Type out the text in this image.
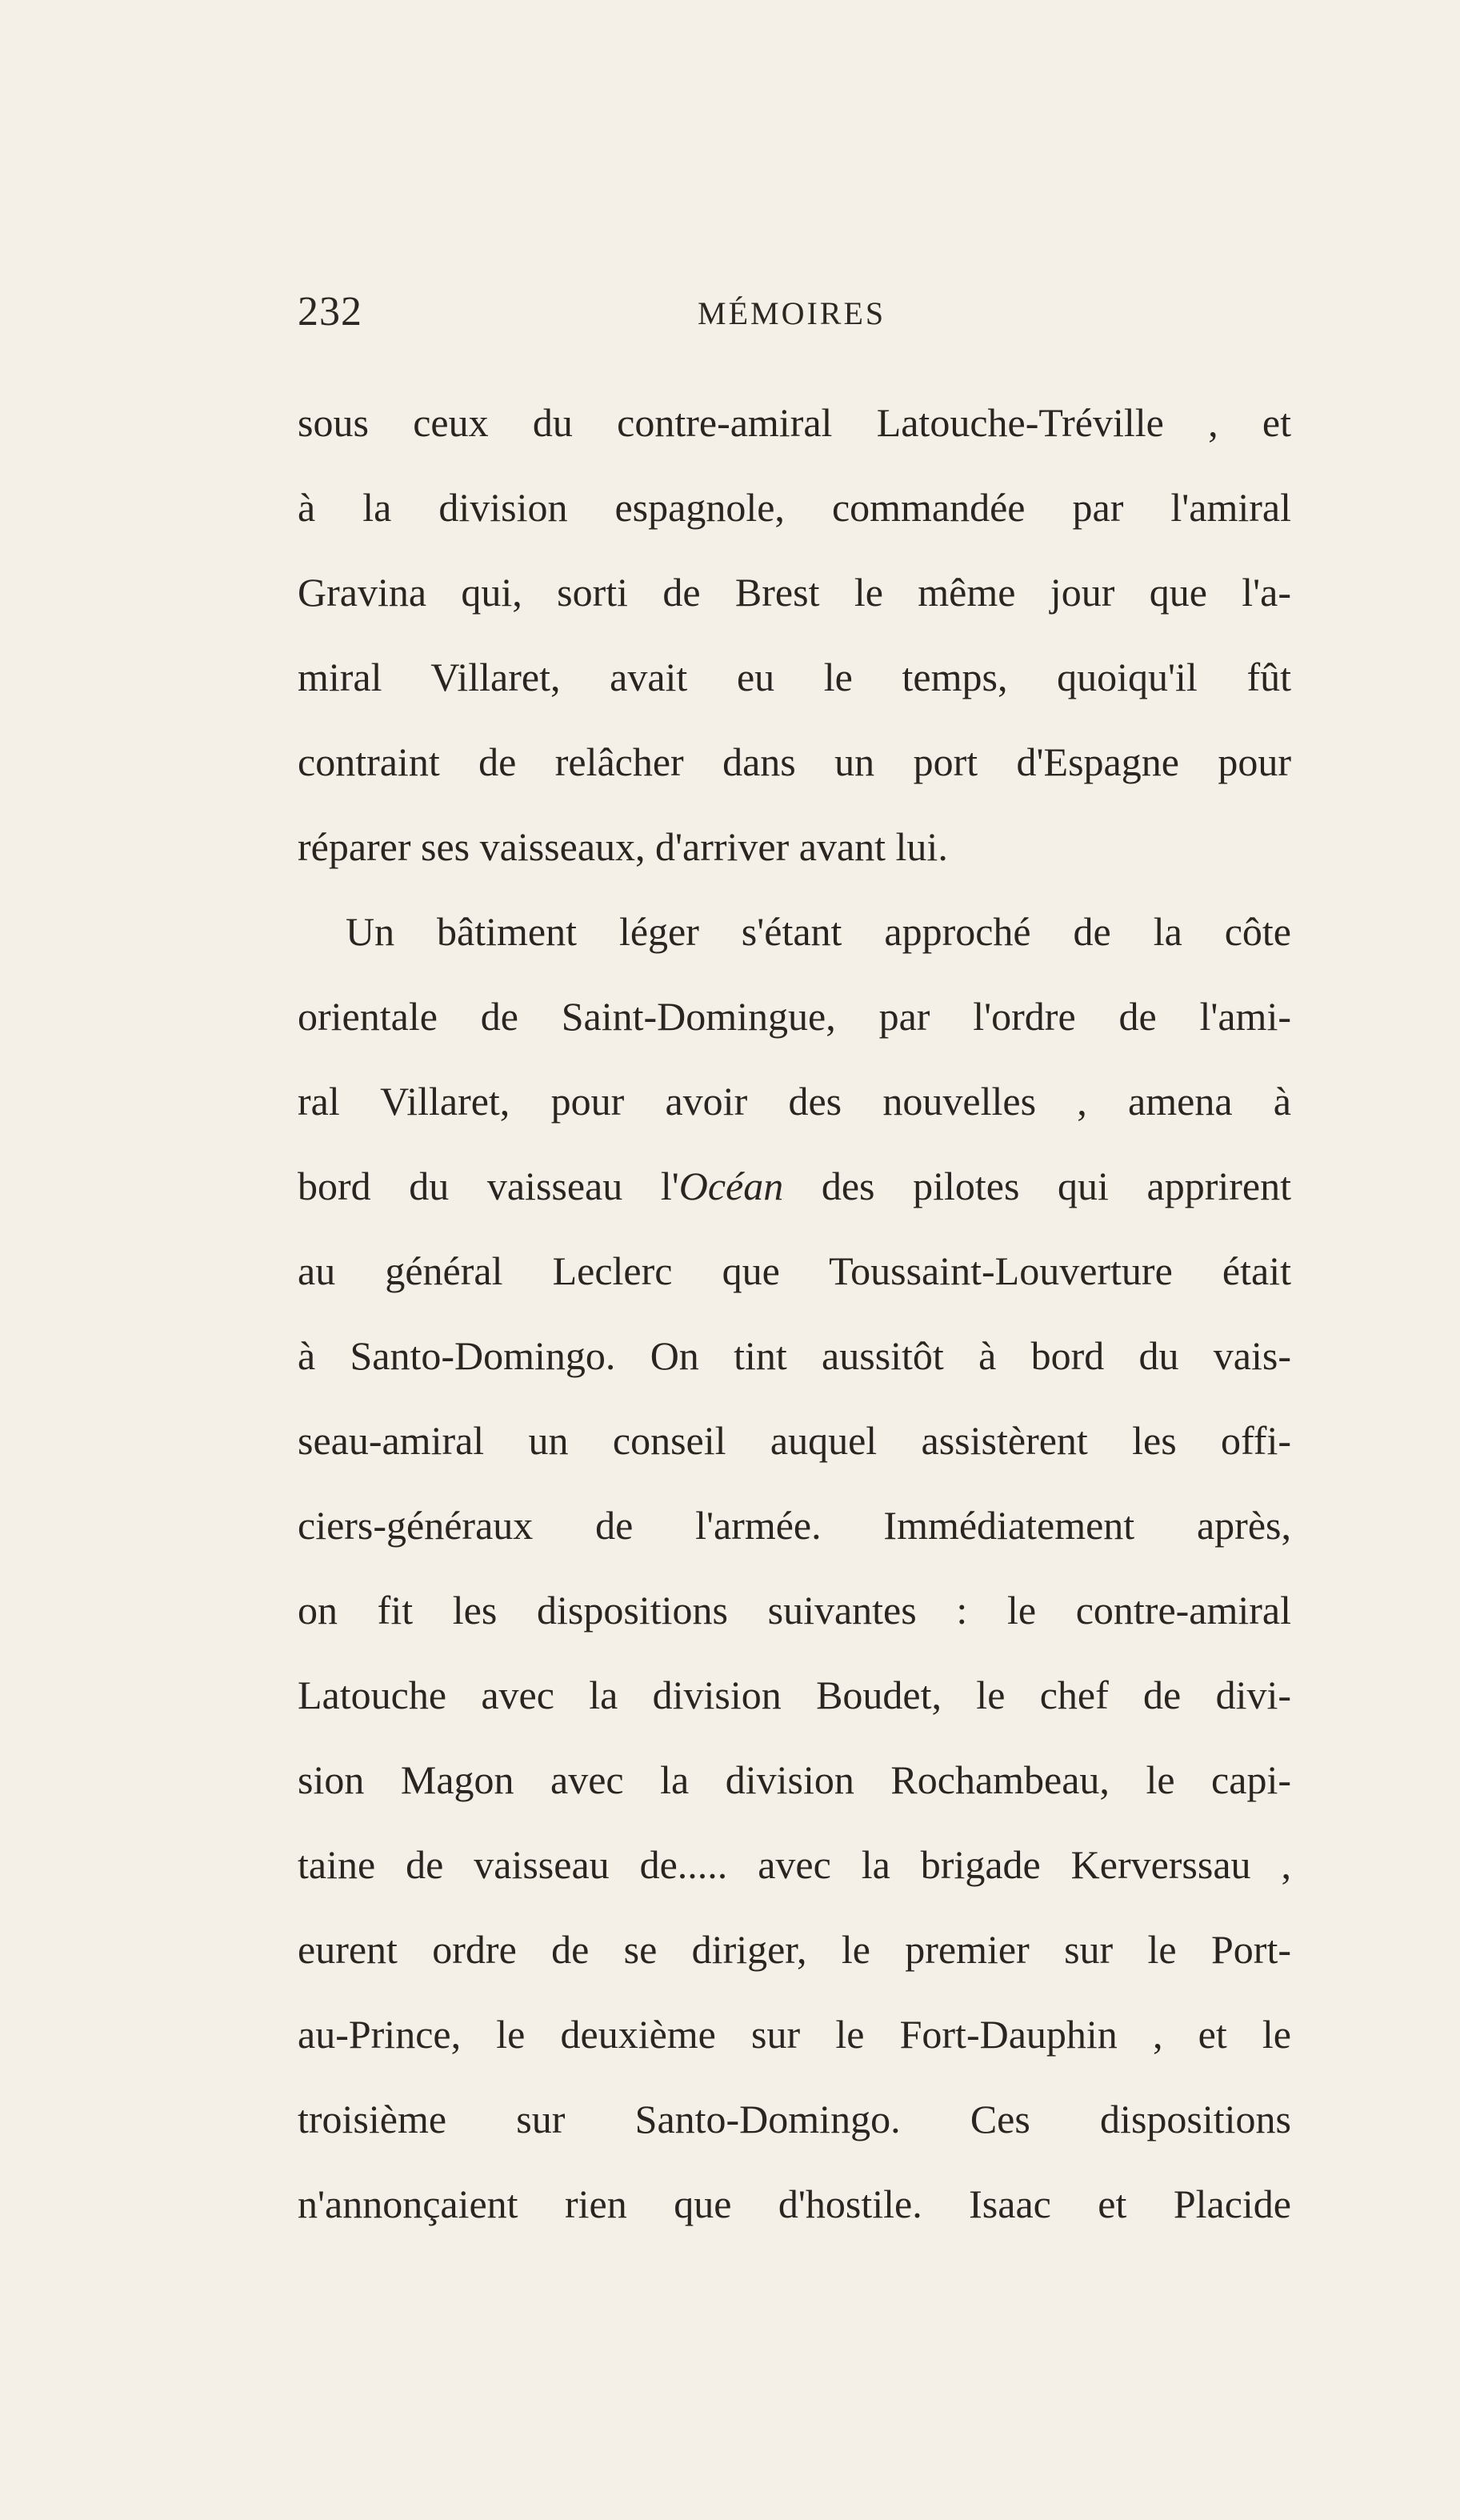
232	MÉMOIRES
sous ceux du contre-amiral Latouche-Tréville , et
à la division espagnole, commandée par l'amiral
Gravina qui, sorti de Brest le même jour que l'a-
miral Villaret, avait eu le temps, quoiqu'il fût
contraint de relâcher dans un port d'Espagne pour
réparer ses vaisseaux, d'arriver avant lui.
Un bâtiment léger s'étant approché de la côte
orientale de Saint-Domingue, par l'ordre de l'ami-
ral Villaret, pour avoir des nouvelles , amena à
bord du vaisseau l'Océan des pilotes qui apprirent
au général Leclerc que Toussaint-Louverture était
à Santo-Domingo. On tint aussitôt à bord du vais-
seau-amiral un conseil auquel assistèrent les offi-
ciers-généraux de l'armée. Immédiatement après,
on fit les dispositions suivantes : le contre-amiral
Latouche avec la division Boudet, le chef de divi-
sion Magon avec la division Rochambeau, le capi-
taine de vaisseau de..... avec la brigade Kerverssau ,
eurent ordre de se diriger, le premier sur le Port-
au-Prince, le deuxième sur le Fort-Dauphin , et le
troisième sur Santo-Domingo. Ces dispositions
n'annonçaient rien que d'hostile. Isaac et Placide
